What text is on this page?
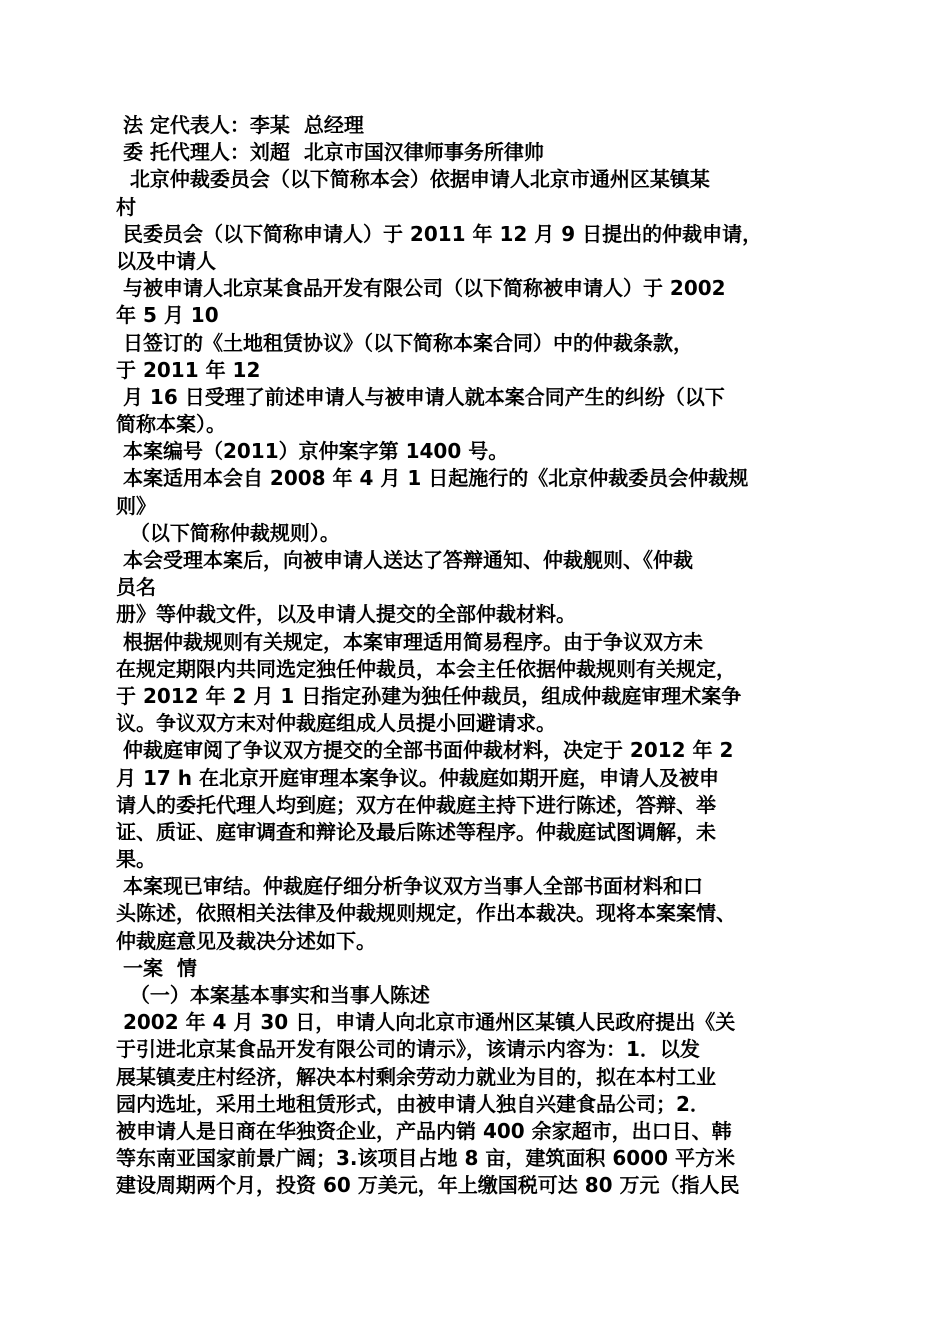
法 定代表人：李某  总经理
委 托代理人：刘超  北京市国汉律师事务所律帅
北京仲裁委员会（以下简称本会）依据申请人北京市通州区某镇某
村
民委员会（以下简称申请人）于 2011 年 12 月 9 日提出的仲裁申请，
以及中请人
与被申请人北京某食品开发有限公司（以下简称被申请人）于 2002
年 5 月 10
日签订的《土地租赁协议》（以下简称本案合同）中的仲裁条款，
于 2011 年 12
月 16 日受理了前述申请人与被申请人就本案合同产生的纠纷（以下
简称本案）。
本案编号（2011）京仲案字第 1400 号。
本案适用本会自 2008 年 4 月 1 日起施行的《北京仲裁委员会仲裁规
则》
（以下简称仲裁规则）。
本会受理本案后，向被申请人送达了答辩通知、仲裁舰则、《仲裁
员名
册》等仲裁文件，以及申请人提交的全部仲裁材料。
根据仲裁规则有关规定，本案审理适用简易程序。由于争议双方未
在规定期限内共同选定独任仲裁员，本会主任依据仲裁规则有关规定，
于 2012 年 2 月 1 日指定孙建为独任仲裁员，组成仲裁庭审理术案争
议。争议双方末对仲裁庭组成人员提小回避请求。
仲裁庭审阅了争议双方提交的全部书面仲裁材料，决定于 2012 年 2
月 17 h 在北京开庭审理本案争议。仲裁庭如期开庭，申请人及被申
请人的委托代理人均到庭；双方在仲裁庭主持下进行陈述，答辩、举
证、质证、庭审调查和辩论及最后陈述等程序。仲裁庭试图调解，未
果。
本案现已审结。仲裁庭仔细分析争议双方当事人全部书面材料和口
头陈述，依照相关法律及仲裁规则规定，作出本裁决。现将本案案情、
仲裁庭意见及裁决分述如下。
一案  情
（一）本案基本事实和当事人陈述
2002 年 4 月 30 日，申请人向北京市通州区某镇人民政府提出《关
于引进北京某食品开发有限公司的请示》，该请示内容为：1．以发
展某镇麦庄村经济，解决本村剩余劳动力就业为目的，拟在本村工业
园内选址，采用土地租赁形式，由被申请人独自兴建食品公司；2．
被申请人是日商在华独资企业，产品内销 400 余家超市，出口日、韩
等东南亚国家前景广阔；3.该项目占地 8 亩，建筑面积 6000 平方米
建设周期两个月，投资 60 万美元，年上缴国税可达 80 万元（指人民
